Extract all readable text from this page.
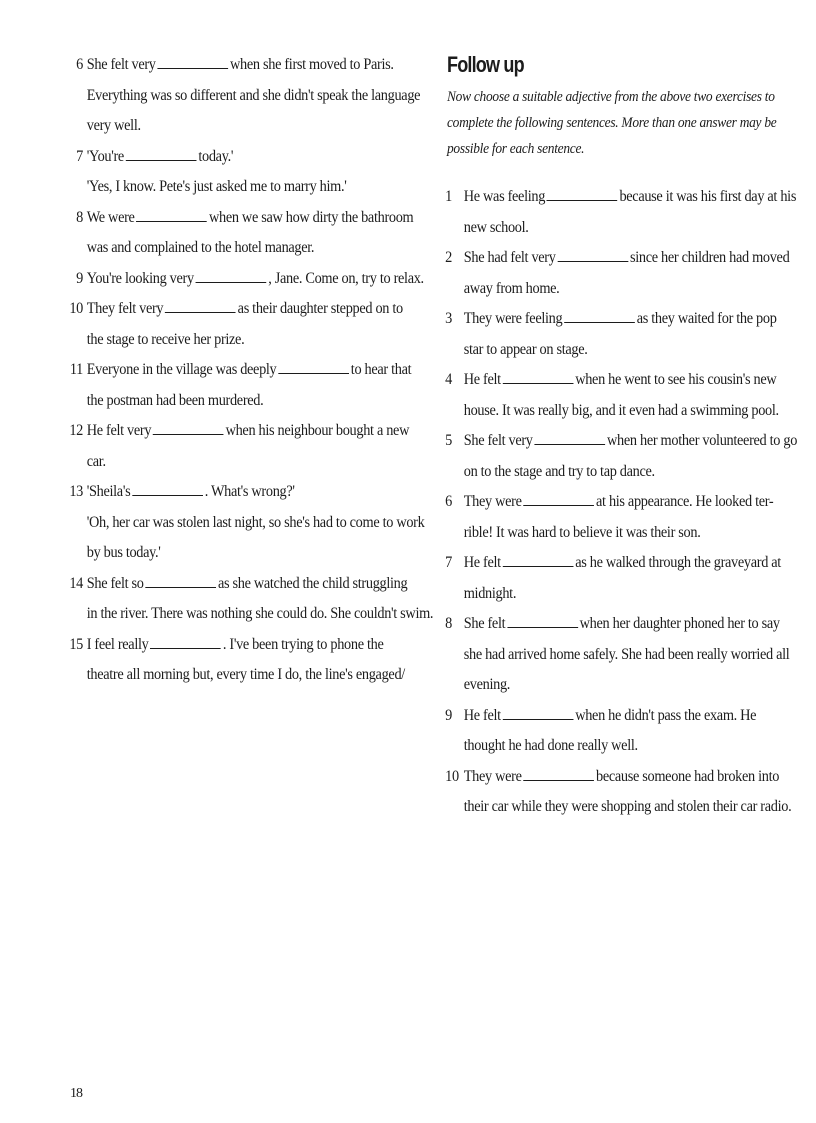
6 She felt very	when she first moved to Paris.
Everything was so different and she didn't speak the language
very well.
7 'You're	today.'
'Yes, I know. Pete's just asked me to marry him.'
8 We were	when we saw how dirty the bathroom
was and complained to the hotel manager.
9 You're looking very	, Jane. Come on, try to relax.
10 They felt very	as their daughter stepped on to
the stage to receive her prize.
11 Everyone in the village was deeply	to hear that
the postman had been murdered.
12 He felt very	when his neighbour bought a new
car.
13 'Sheila's	. What's wrong?'
'Oh, her car was stolen last night, so she's had to come to work
by bus today.'
14 She felt so	as she watched the child struggling
in the river. There was nothing she could do. She couldn't swim.
15 I feel really	. I've been trying to phone the
theatre all morning but, every time I do, the line's engaged/
Follow up
Now choose a suitable adjective from the above two exercises to
complete the following sentences. More than one answer may be
possible for each sentence.
1 He was feeling	because it was his first day at his
new school.
2 She had felt very	since her children had moved
away from home.
3 They were feeling	as they waited for the pop
star to appear on stage.
4 He felt	when he went to see his cousin's new
house. It was really big, and it even had a swimming pool.
5 She felt very	when her mother volunteered to go
on to the stage and try to tap dance.
6 They were	at his appearance. He looked ter-
rible! It was hard to believe it was their son.
7 He felt	as he walked through the graveyard at
midnight.
8 She felt	when her daughter phoned her to say
she had arrived home safely. She had been really worried all
evening.
9 He felt	when he didn't pass the exam. He
thought he had done really well.
10 They were	because someone had broken into
their car while they were shopping and stolen their car radio.
18
